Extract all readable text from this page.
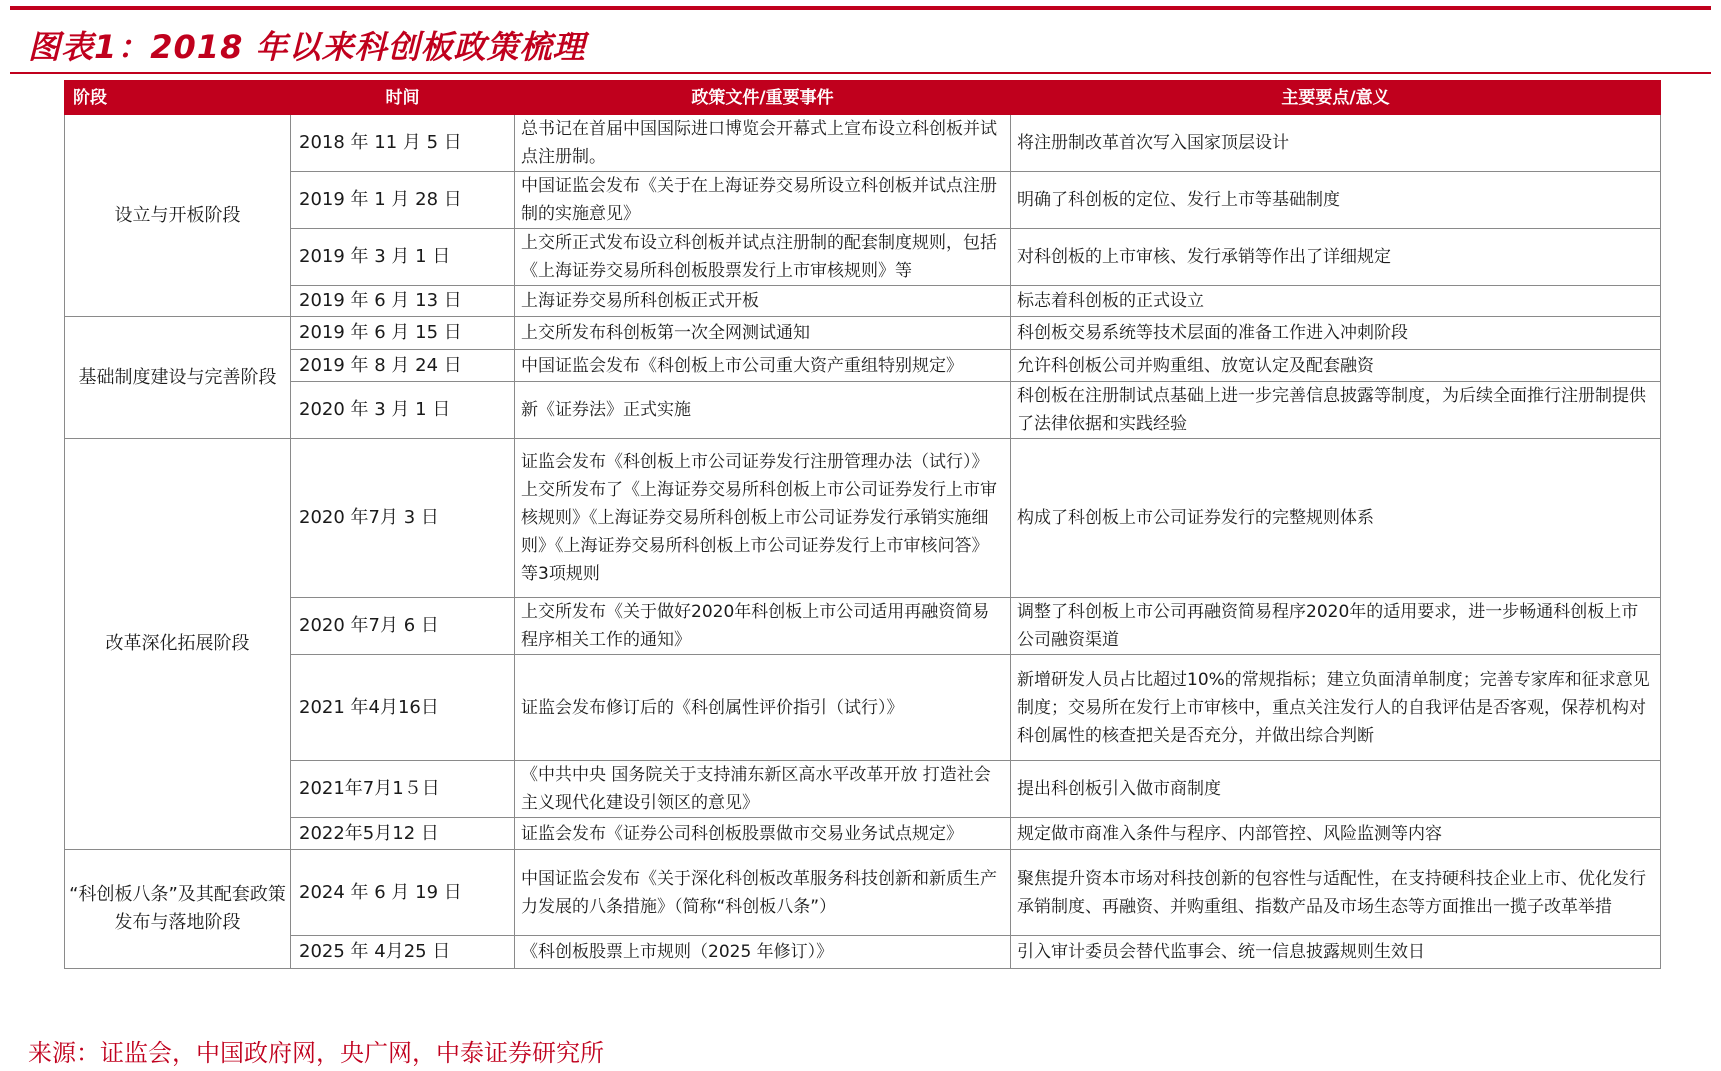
图表1：2018 年以来科创板政策梳理
阶段	时间	政策文件/重要事件	主要要点/意义
设立与开板阶段	2018 年 11 月 5 日	总书记在首届中国国际进口博览会开幕式上宣布设立科创板并试点注册制。	将注册制改革首次写入国家顶层设计
	2019 年 1 月 28 日	中国证监会发布《关于在上海证券交易所设立科创板并试点注册制的实施意见》	明确了科创板的定位、发行上市等基础制度
	2019 年 3 月 1 日	上交所正式发布设立科创板并试点注册制的配套制度规则，包括《上海证券交易所科创板股票发行上市审核规则》等	对科创板的上市审核、发行承销等作出了详细规定
	2019 年 6 月 13 日	上海证券交易所科创板正式开板	标志着科创板的正式设立
基础制度建设与完善阶段	2019 年 6 月 15 日	上交所发布科创板第一次全网测试通知	科创板交易系统等技术层面的准备工作进入冲刺阶段
	2019 年 8 月 24 日	中国证监会发布《科创板上市公司重大资产重组特别规定》	允许科创板公司并购重组、放宽认定及配套融资
	2020 年 3 月 1 日	新《证券法》正式实施	科创板在注册制试点基础上进一步完善信息披露等制度，为后续全面推行注册制提供了法律依据和实践经验
改革深化拓展阶段	2020 年7月 3 日	证监会发布《科创板上市公司证券发行注册管理办法（试行）》上交所发布了《上海证券交易所科创板上市公司证券发行上市审核规则》《上海证券交易所科创板上市公司证券发行承销实施细则》《上海证券交易所科创板上市公司证券发行上市审核问答》等3项规则	构成了科创板上市公司证券发行的完整规则体系
	2020 年7月 6 日	上交所发布《关于做好2020年科创板上市公司适用再融资简易程序相关工作的通知》	调整了科创板上市公司再融资简易程序2020年的适用要求，进一步畅通科创板上市公司融资渠道
	2021 年4月16日	证监会发布修订后的《科创属性评价指引（试行）》	新增研发人员占比超过10%的常规指标；建立负面清单制度；完善专家库和征求意见制度；交易所在发行上市审核中，重点关注发行人的自我评估是否客观，保荐机构对科创属性的核查把关是否充分，并做出综合判断
	2021年7月1５日	《中共中央 国务院关于支持浦东新区高水平改革开放 打造社会主义现代化建设引领区的意见》	提出科创板引入做市商制度
	2022年5月12 日	证监会发布《证券公司科创板股票做市交易业务试点规定》	规定做市商准入条件与程序、内部管控、风险监测等内容
“科创板八条”及其配套政策发布与落地阶段	2024 年 6 月 19 日	中国证监会发布《关于深化科创板改革服务科技创新和新质生产力发展的八条措施》（简称“科创板八条”）	聚焦提升资本市场对科技创新的包容性与适配性，在支持硬科技企业上市、优化发行承销制度、再融资、并购重组、指数产品及市场生态等方面推出一揽子改革举措
	2025 年 4月25 日	《科创板股票上市规则（2025 年修订）》	引入审计委员会替代监事会、统一信息披露规则生效日

来源：证监会，中国政府网，央广网，中泰证券研究所
